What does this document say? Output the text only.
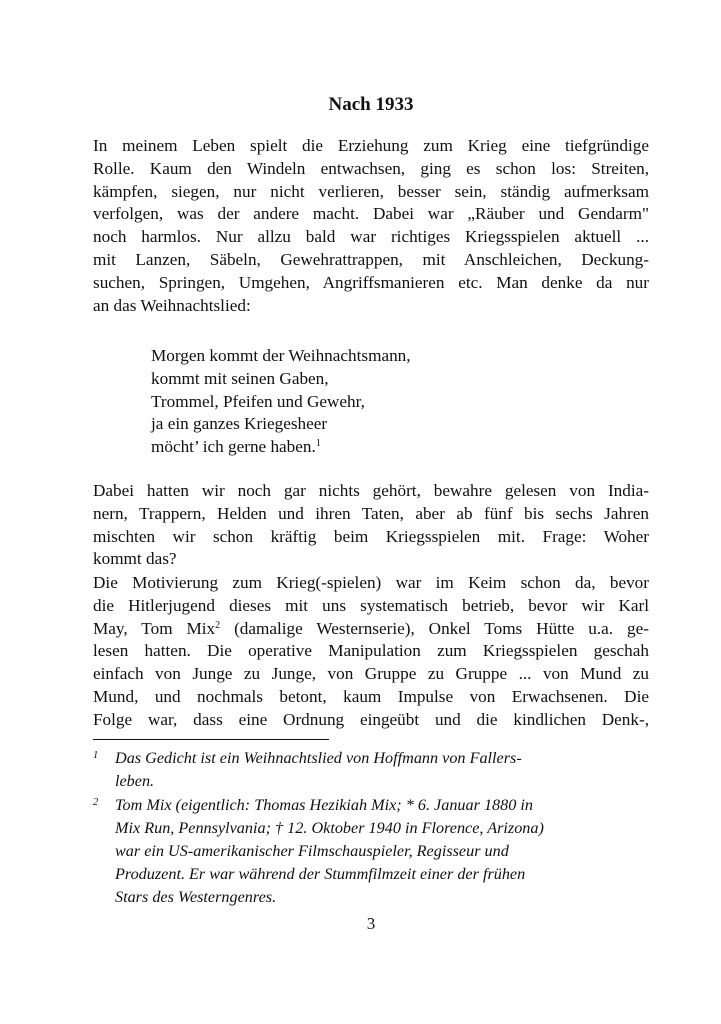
Nach 1933
In meinem Leben spielt die Erziehung zum Krieg eine tiefgründige
Rolle. Kaum den Windeln entwachsen, ging es schon los: Streiten,
kämpfen, siegen, nur nicht verlieren, besser sein, ständig aufmerksam
verfolgen, was der andere macht. Dabei war „Räuber und Gendarm"
noch harmlos. Nur allzu bald war richtiges Kriegsspielen aktuell ...
mit Lanzen, Säbeln, Gewehrattrappen, mit Anschleichen, Deckung-
suchen, Springen, Umgehen, Angriffsmanieren etc. Man denke da nur
an das Weihnachtslied:
Morgen kommt der Weihnachtsmann,
kommt mit seinen Gaben,
Trommel, Pfeifen und Gewehr,
ja ein ganzes Kriegesheer
möcht’ ich gerne haben.$^1$
Dabei hatten wir noch gar nichts gehört, bewahre gelesen von India-
nern, Trappern, Helden und ihren Taten, aber ab fünf bis sechs Jahren
mischten wir schon kräftig beim Kriegsspielen mit. Frage: Woher
kommt das?
Die Motivierung zum Krieg(-spielen) war im Keim schon da, bevor
die Hitlerjugend dieses mit uns systematisch betrieb, bevor wir Karl
May, Tom Mix$^2$ (damalige Westernserie), Onkel Toms Hütte u.a. ge-
lesen hatten. Die operative Manipulation zum Kriegsspielen geschah
einfach von Junge zu Junge, von Gruppe zu Gruppe ... von Mund zu
Mund, und nochmals betont, kaum Impulse von Erwachsenen. Die
Folge war, dass eine Ordnung eingeübt und die kindlichen Denk-,
1 Das Gedicht ist ein Weihnachtslied von Hoffmann von Fallers-
leben.
2 Tom Mix (eigentlich: Thomas Hezikiah Mix; * 6. Januar 1880 in
Mix Run, Pennsylvania; † 12. Oktober 1940 in Florence, Arizona)
war ein US-amerikanischer Filmschauspieler, Regisseur und
Produzent. Er war während der Stummfilmzeit einer der frühen
Stars des Westerngenres.

3
